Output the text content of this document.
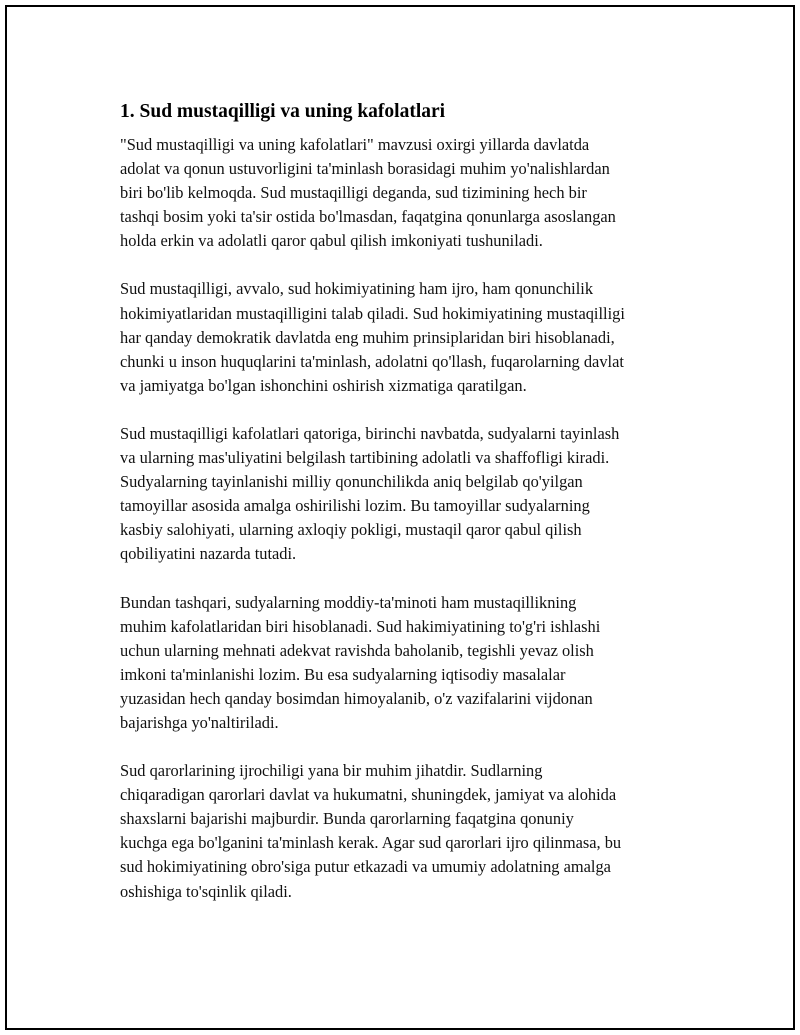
1. Sud mustaqilligi va uning kafolatlari

"Sud mustaqilligi va uning kafolatlari" mavzusi oxirgi yillarda davlatda
adolat va qonun ustuvorligini ta'minlash borasidagi muhim yo'nalishlardan
biri bo'lib kelmoqda. Sud mustaqilligi deganda, sud tizimining hech bir
tashqi bosim yoki ta'sir ostida bo'lmasdan, faqatgina qonunlarga asoslangan
holda erkin va adolatli qaror qabul qilish imkoniyati tushuniladi.

Sud mustaqilligi, avvalo, sud hokimiyatining ham ijro, ham qonunchilik
hokimiyatlaridan mustaqilligini talab qiladi. Sud hokimiyatining mustaqilligi
har qanday demokratik davlatda eng muhim prinsiplaridan biri hisoblanadi,
chunki u inson huquqlarini ta'minlash, adolatni qo'llash, fuqarolarning davlat
va jamiyatga bo'lgan ishonchini oshirish xizmatiga qaratilgan.

Sud mustaqilligi kafolatlari qatoriga, birinchi navbatda, sudyalarni tayinlash
va ularning mas'uliyatini belgilash tartibining adolatli va shaffofligi kiradi.
Sudyalarning tayinlanishi milliy qonunchilikda aniq belgilab qo'yilgan
tamoyillar asosida amalga oshirilishi lozim. Bu tamoyillar sudyalarning
kasbiy salohiyati, ularning axloqiy pokligi, mustaqil qaror qabul qilish
qobiliyatini nazarda tutadi.

Bundan tashqari, sudyalarning moddiy-ta'minoti ham mustaqillikning
muhim kafolatlaridan biri hisoblanadi. Sud hakimiyatining to'g'ri ishlashi
uchun ularning mehnati adekvat ravishda baholanib, tegishli yevaz olish
imkoni ta'minlanishi lozim. Bu esa sudyalarning iqtisodiy masalalar
yuzasidan hech qanday bosimdan himoyalanib, o'z vazifalarini vijdonan
bajarishga yo'naltiriladi.

Sud qarorlarining ijrochiligi yana bir muhim jihatdir. Sudlarning
chiqaradigan qarorlari davlat va hukumatni, shuningdek, jamiyat va alohida
shaxslarni bajarishi majburdir. Bunda qarorlarning faqatgina qonuniy
kuchga ega bo'lganini ta'minlash kerak. Agar sud qarorlari ijro qilinmasa, bu
sud hokimiyatining obro'siga putur etkazadi va umumiy adolatning amalga
oshishiga to'sqinlik qiladi.
